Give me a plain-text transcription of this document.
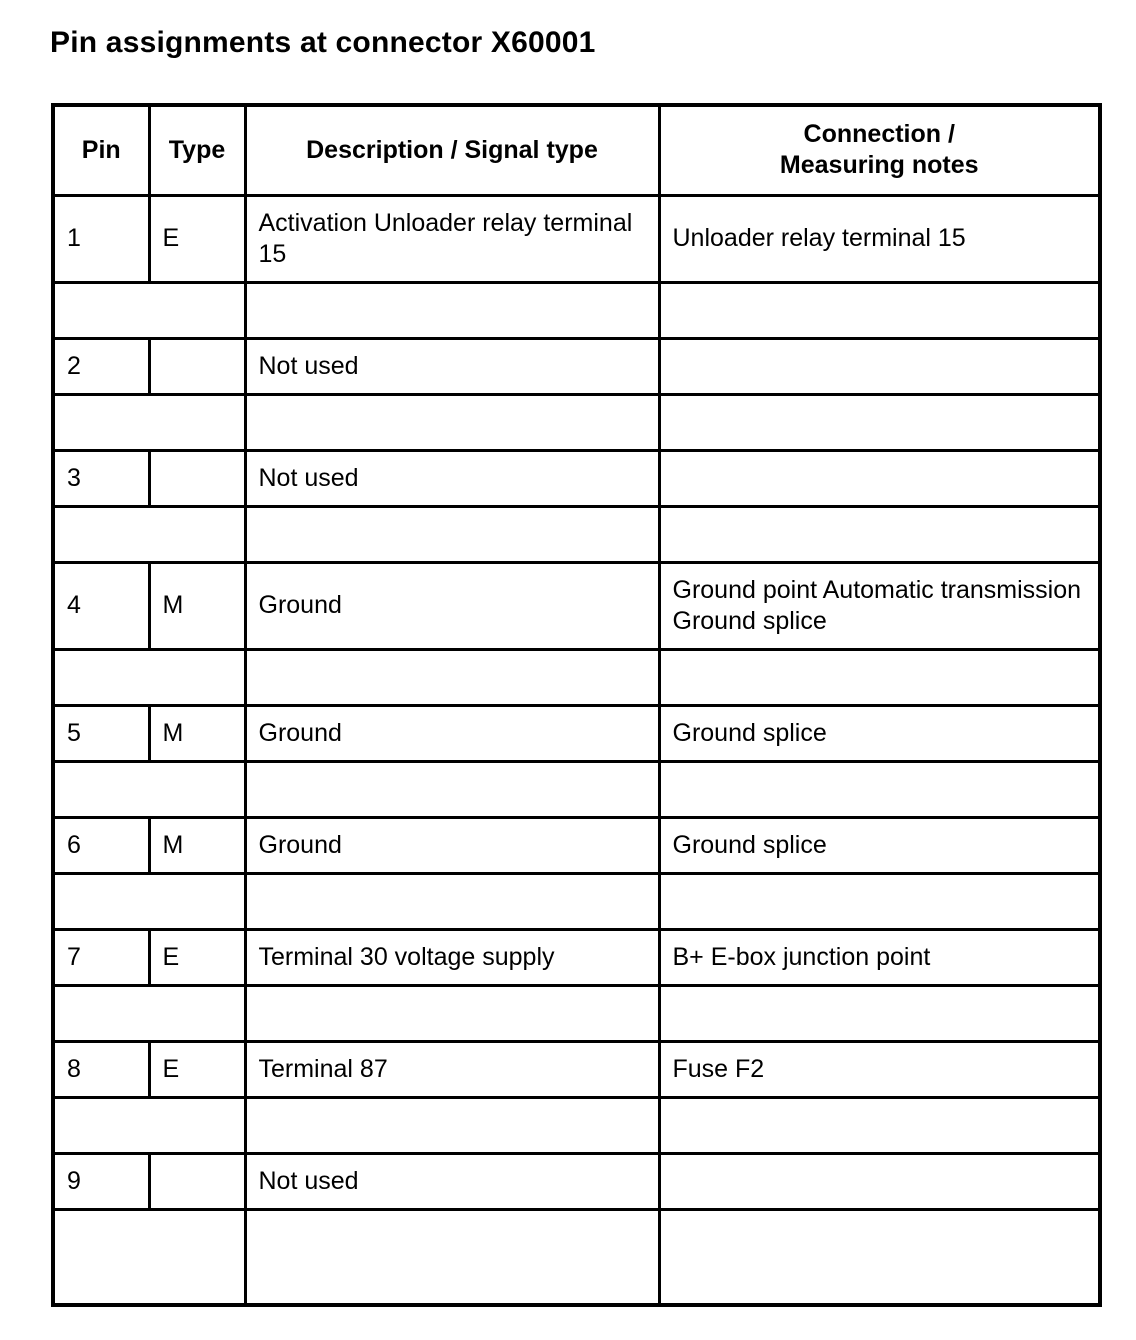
Pin assignments at connector X60001
Pin	Type	Description / Signal type	Connection /
Measuring notes
1	E	Activation Unloader relay terminal 15	Unloader relay terminal 15

2		Not used	

3		Not used	

4	M	Ground	Ground point Automatic transmission Ground splice

5	M	Ground	Ground splice

6	M	Ground	Ground splice

7	E	Terminal 30 voltage supply	B+ E-box junction point

8	E	Terminal 87	Fuse F2

9		Not used	
